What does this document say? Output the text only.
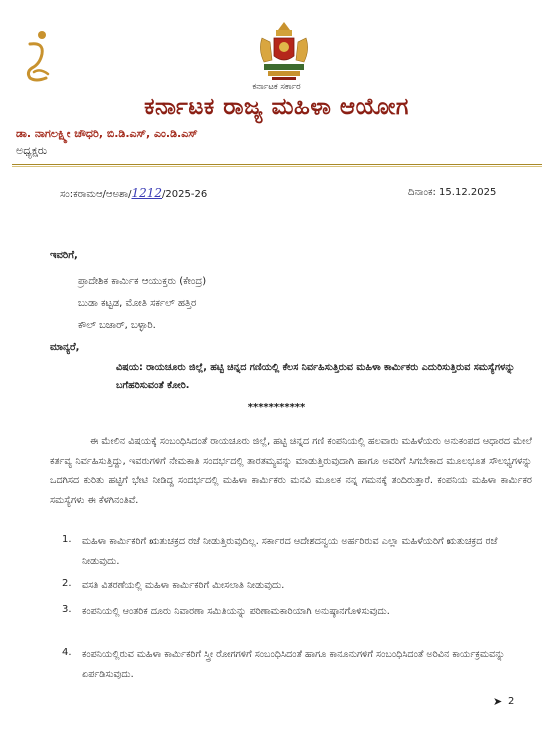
ಕರ್ನಾಟಕ ಸರ್ಕಾರ
ಕರ್ನಾಟಕ ರಾಜ್ಯ ಮಹಿಳಾ ಆಯೋಗ
ಡಾ. ನಾಗಲಕ್ಷ್ಮೀ ಚೌಧರಿ, ಬಿ.ಡಿ.ಎಸ್, ಎಂ.ಡಿ.ಎಸ್
ಅಧ್ಯಕ್ಷರು
ಸಂ:ಕರಾಮಆ/ಆಅಶಾ/1212/2025-26	ದಿನಾಂಕ: 15.12.2025
ಇವರಿಗೆ,
ಪ್ರಾದೇಶಿಕ ಕಾರ್ಮಿಕ ಆಯುಕ್ತರು (ಕೇಂದ್ರ)
ಬುಡಾ ಕಟ್ಟಡ, ಮೋತಿ ಸರ್ಕಲ್ ಹತ್ತಿರ
ಕೌಲ್ ಬಜಾರ್, ಬಳ್ಳಾರಿ.
ಮಾನ್ಯರೆ,
ವಿಷಯ: ರಾಯಚೂರು ಜಿಲ್ಲೆ, ಹಟ್ಟಿ ಚಿನ್ನದ ಗಣಿಯಲ್ಲಿ ಕೆಲಸ ನಿರ್ವಹಿಸುತ್ತಿರುವ ಮಹಿಳಾ ಕಾರ್ಮಿಕರು ಎದುರಿಸುತ್ತಿರುವ ಸಮಸ್ಯೆಗಳನ್ನು ಬಗೆಹರಿಸುವಂತೆ ಕೋರಿ.
***********
ಈ ಮೇಲಿನ ವಿಷಯಕ್ಕೆ ಸಂಬಂಧಿಸಿದಂತೆ ರಾಯಚೂರು ಜಿಲ್ಲೆ, ಹಟ್ಟಿ ಚಿನ್ನದ ಗಣಿ ಕಂಪನಿಯಲ್ಲಿ ಹಲವಾರು ಮಹಿಳೆಯರು ಅನುಕಂಪದ ಆಧಾರದ ಮೇಲೆ ಕರ್ತವ್ಯ ನಿರ್ವಹಿಸುತ್ತಿದ್ದು, ಇವರುಗಳಿಗೆ ನೇಮಕಾತಿ ಸಂದರ್ಭದಲ್ಲಿ ತಾರತಮ್ಯವನ್ನು ಮಾಡುತ್ತಿರುವುದಾಗಿ ಹಾಗೂ ಅವರಿಗೆ ಸಿಗಬೇಕಾದ ಮೂಲಭೂತ ಸೌಲಭ್ಯಗಳನ್ನು ಒದಗಿಸದ ಕುರಿತು ಹಟ್ಟಿಗೆ ಭೇಟಿ ನೀಡಿದ್ದ ಸಂದರ್ಭದಲ್ಲಿ ಮಹಿಳಾ ಕಾರ್ಮಿಕರು ಮನವಿ ಮೂಲಕ ನನ್ನ ಗಮನಕ್ಕೆ ತಂದಿರುತ್ತಾರೆ. ಕಂಪನಿಯ ಮಹಿಳಾ ಕಾರ್ಮಿಕರ ಸಮಸ್ಯೆಗಳು ಈ ಕೆಳಗಿನಂತಿವೆ.
1. ಮಹಿಳಾ ಕಾರ್ಮಿಕರಿಗೆ ಋತುಚಕ್ರದ ರಜೆ ನೀಡುತ್ತಿರುವುದಿಲ್ಲ. ಸರ್ಕಾರದ ಆದೇಶದನ್ವಯ ಅರ್ಹರಿರುವ ಎಲ್ಲಾ ಮಹಿಳೆಯರಿಗೆ ಋತುಚಕ್ರದ ರಜೆ ನೀಡುವುದು.
2. ವಸತಿ ವಿತರಣೆಯಲ್ಲಿ ಮಹಿಳಾ ಕಾರ್ಮಿಕರಿಗೆ ಮೀಸಲಾತಿ ನೀಡುವುದು.
3. ಕಂಪನಿಯಲ್ಲಿ ಆಂತರಿಕ ದೂರು ನಿವಾರಣಾ ಸಮಿತಿಯನ್ನು ಪರಿಣಾಮಕಾರಿಯಾಗಿ ಅನುಷ್ಠಾನಗೊಳಿಸುವುದು.
4. ಕಂಪನಿಯಲ್ಲಿರುವ ಮಹಿಳಾ ಕಾರ್ಮಿಕರಿಗೆ ಸ್ತ್ರೀ ರೋಗಗಳಿಗೆ ಸಂಬಂಧಿಸಿದಂತೆ ಹಾಗೂ ಕಾನೂನುಗಳಿಗೆ ಸಂಬಂಧಿಸಿದಂತೆ ಅರಿವಿನ ಕಾರ್ಯಕ್ರಮವನ್ನು ಏರ್ಪಡಿಸುವುದು.
➤ 2
